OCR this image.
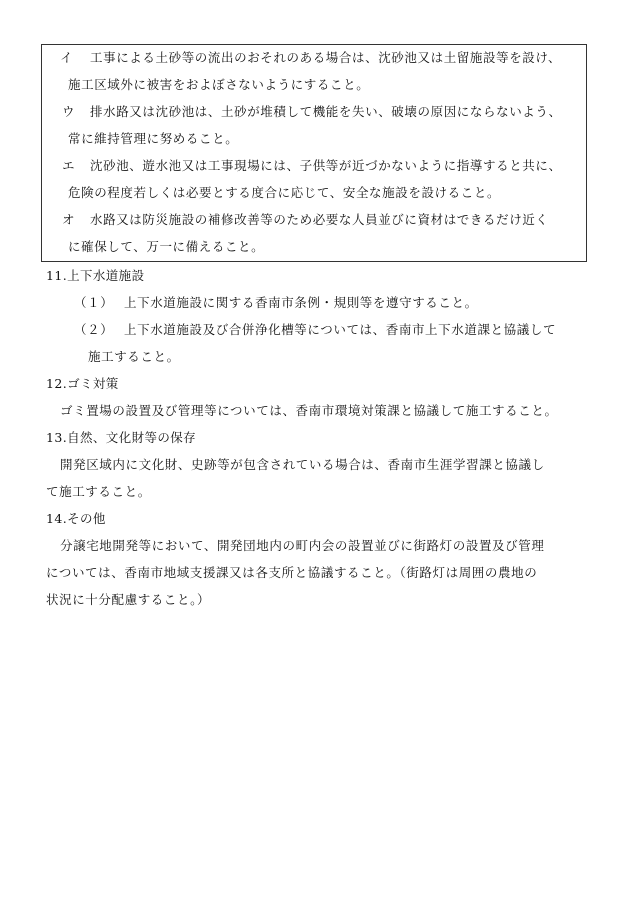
イ 工事による土砂等の流出のおそれのある場合は、沈砂池又は土留施設等を設け、
施工区域外に被害をおよぼさないようにすること。
ウ 排水路又は沈砂池は、土砂が堆積して機能を失い、破壊の原因にならないよう、
常に維持管理に努めること。
エ 沈砂池、遊水池又は工事現場には、子供等が近づかないように指導すると共に、
危険の程度若しくは必要とする度合に応じて、安全な施設を設けること。
オ 水路又は防災施設の補修改善等のため必要な人員並びに資材はできるだけ近く
に確保して、万一に備えること。
11.上下水道施設
（１） 上下水道施設に関する香南市条例・規則等を遵守すること。
（２） 上下水道施設及び合併浄化槽等については、香南市上下水道課と協議して
施工すること。
12.ゴミ対策
ゴミ置場の設置及び管理等については、香南市環境対策課と協議して施工すること。
13.自然、文化財等の保存
開発区域内に文化財、史跡等が包含されている場合は、香南市生涯学習課と協議し
て施工すること。
14.その他
分譲宅地開発等において、開発団地内の町内会の設置並びに街路灯の設置及び管理
については、香南市地域支援課又は各支所と協議すること。（街路灯は周囲の農地の
状況に十分配慮すること。）
